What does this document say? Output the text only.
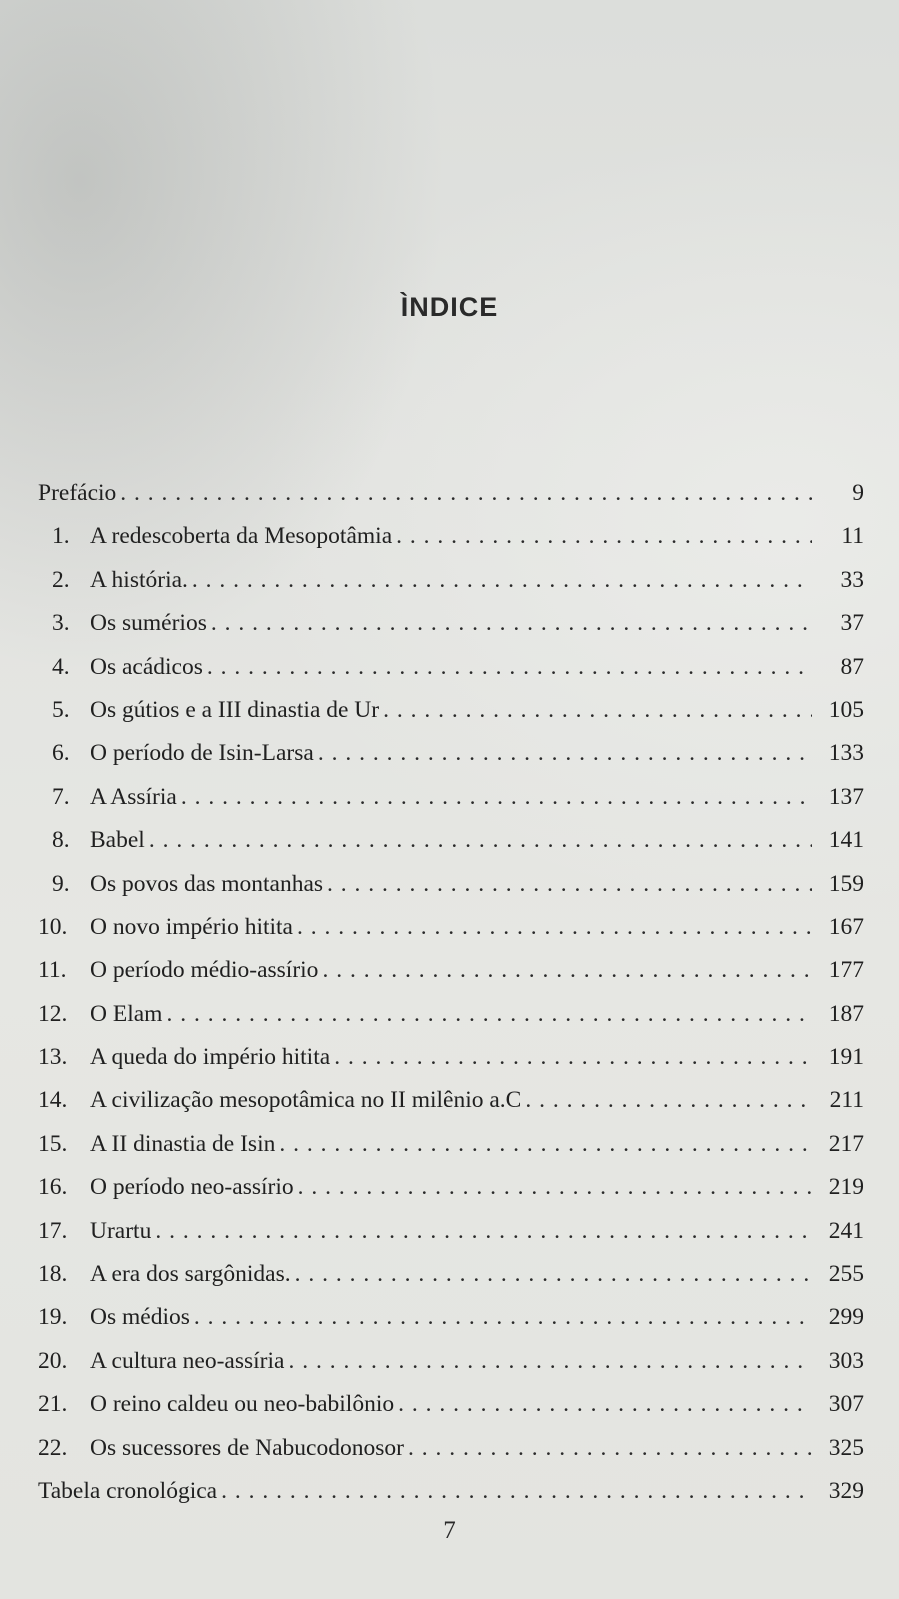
ÌNDICE
Prefácio . . .	9
1. A redescoberta da Mesopotâmia . . .	11
2. A história. . . .	33
3. Os sumérios . . .	37
4. Os acádicos . . .	87
5. Os gútios e a III dinastia de Ur . . .	105
6. O período de Isin-Larsa . . .	133
7. A Assíria . . .	137
8. Babel . . .	141
9. Os povos das montanhas . . .	159
10. O novo império hitita . . .	167
11. O período médio-assírio . . .	177
12. O Elam . . .	187
13. A queda do império hitita . . .	191
14. A civilização mesopotâmica no II milênio a.C . . .	211
15. A II dinastia de Isin . . .	217
16. O período neo-assírio . . .	219
17. Urartu . . .	241
18. A era dos sargônidas. . . .	255
19. Os médios . . .	299
20. A cultura neo-assíria . . .	303
21. O reino caldeu ou neo-babilônio . . .	307
22. Os sucessores de Nabucodonosor . . .	325
Tabela cronológica . . .	329
7
